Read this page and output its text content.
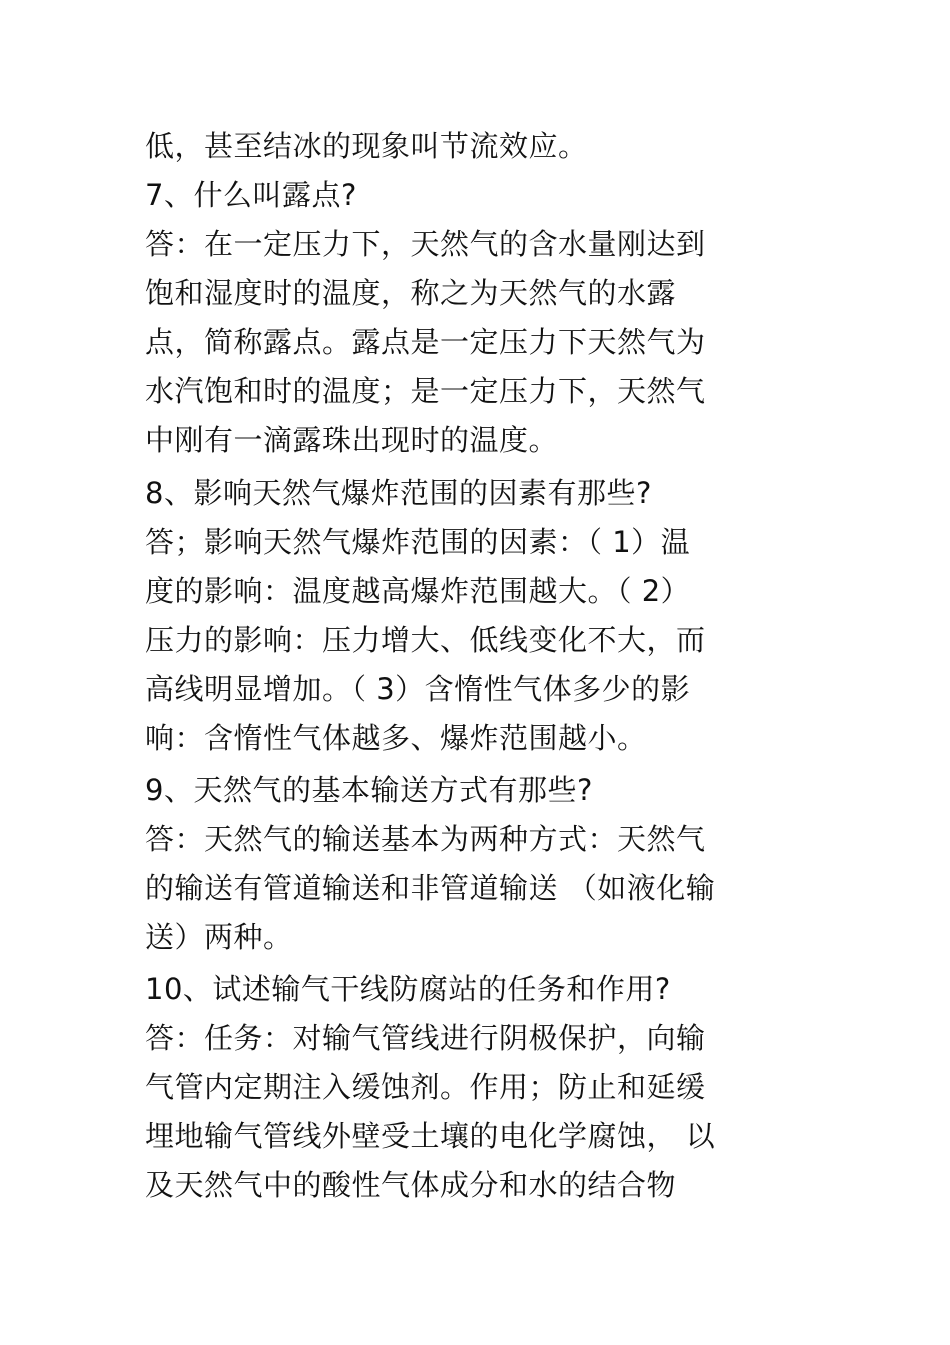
低，甚至结冰的现象叫节流效应。
7、什么叫露点?
答：在一定压力下，天然气的含水量刚达到
饱和湿度时的温度，称之为天然气的水露
点，简称露点。露点是一定压力下天然气为
水汽饱和时的温度；是一定压力下，天然气
中刚有一滴露珠出现时的温度。
8、影响天然气爆炸范围的因素有那些?
答；影响天然气爆炸范围的因素：（ 1）温
度的影响：温度越高爆炸范围越大。（ 2）
压力的影响：压力增大、低线变化不大，而
高线明显增加。（ 3）含惰性气体多少的影
响：含惰性气体越多、爆炸范围越小。
9、天然气的基本输送方式有那些?
答：天然气的输送基本为两种方式：天然气
的输送有管道输送和非管道输送 （如液化输
送）两种。
10、试述输气干线防腐站的任务和作用?
答：任务：对输气管线进行阴极保护，向输
气管内定期注入缓蚀剂。作用；防止和延缓
埋地输气管线外壁受土壤的电化学腐蚀， 以
及天然气中的酸性气体成分和水的结合物
